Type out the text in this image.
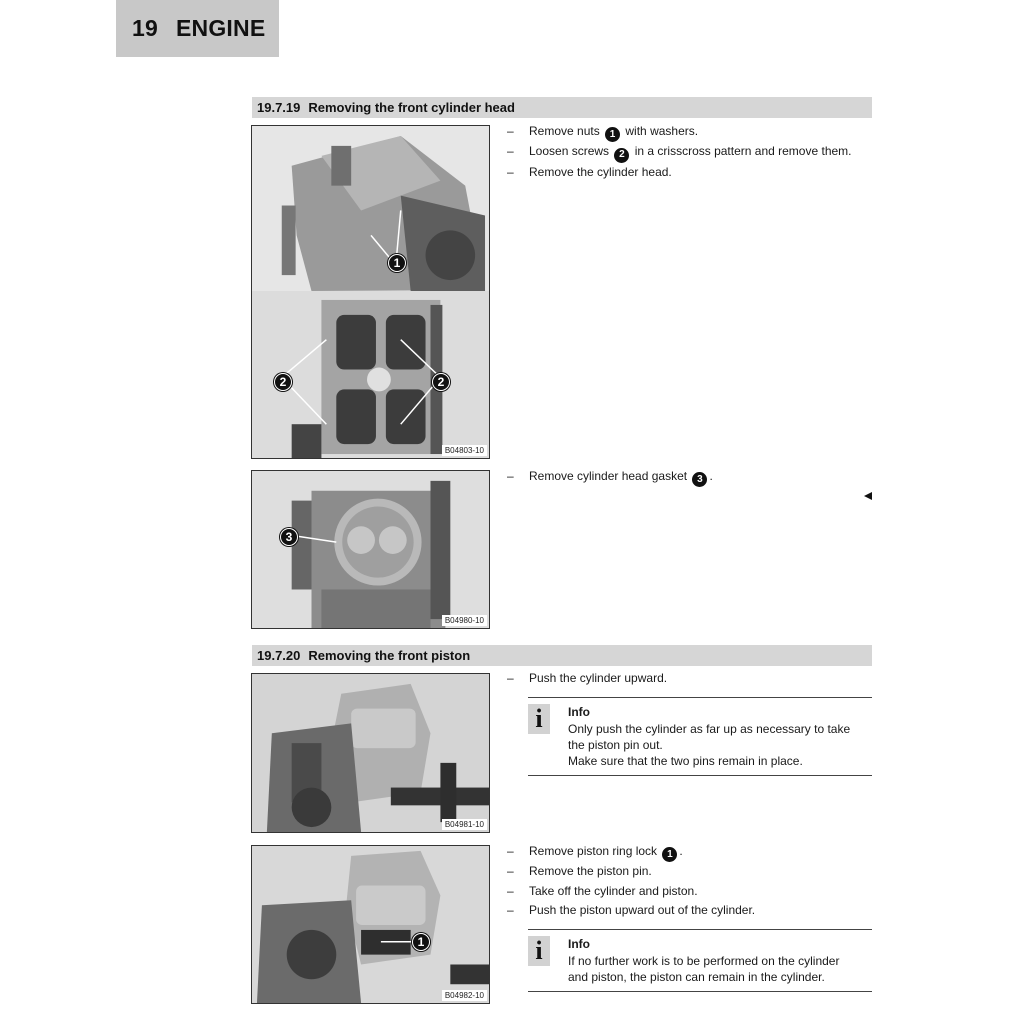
19 ENGINE
19.7.19 Removing the front cylinder head
1
2	2
B04803-10
–	Remove nuts 1 with washers.
–	Loosen screws 2 in a crisscross pattern and remove them.
–	Remove the cylinder head.
3
B04980-10
–	Remove cylinder head gasket 3 .
19.7.20 Removing the front piston
B04981-10
–	Push the cylinder upward.
i Info
Only push the cylinder as far up as necessary to take
the piston pin out.
Make sure that the two pins remain in place.
1
B04982-10
–	Remove piston ring lock 1 .
–	Remove the piston pin.
–	Take off the cylinder and piston.
–	Push the piston upward out of the cylinder.
i Info
If no further work is to be performed on the cylinder
and piston, the piston can remain in the cylinder.
